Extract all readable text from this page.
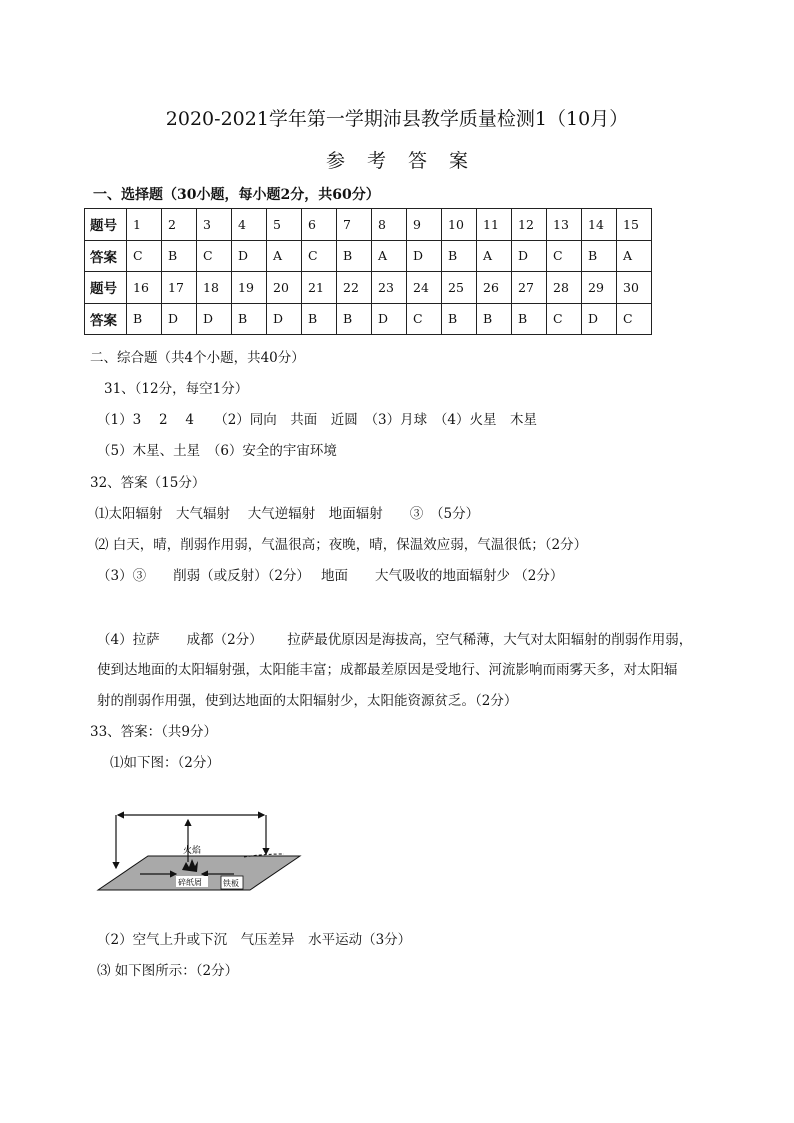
2020-2021学年第一学期沛县教学质量检测1（10月）
参考答案
一、选择题（30小题，每小题2分，共60分）
题号	1	2	3	4	5	6	7	8	9	10	11	12	13	14	15
答案	C	B	C	D	A	C	B	A	D	B	A	D	C	B	A
题号	16	17	18	19	20	21	22	23	24	25	26	27	28	29	30
答案	B	D	D	B	D	B	B	D	C	B	B	B	C	D	C
二、综合题（共4个小题，共40分）
31、（12分，每空1分）
（1）3　 2　 4　　（2）同向　共面　近圆　（3）月球　（4）火星　木星
（5）木星、土星　（6）安全的宇宙环境
32、答案（15分）
⑴太阳辐射　大气辐射　 大气逆辐射　地面辐射　　③　（5分）
⑵ 白天，晴，削弱作用弱，气温很高；夜晚，晴，保温效应弱，气温很低；（2分）
（3）③　　削弱（或反射）（2分）　 地面　　大气吸收的地面辐射少 （2分）
（4）拉萨　　成都（2分）　　 拉萨最优原因是海拔高，空气稀薄，大气对太阳辐射的削弱作用弱，
使到达地面的太阳辐射强，太阳能丰富；成都最差原因是受地行、河流影响而雨雾天多，对太阳辐
射的削弱作用强，使到达地面的太阳辐射少，太阳能资源贫乏。（2分）
33、答案：（共9分）
⑴如下图：（2分）
火焰
碎纸屑	铁板
（2）空气上升或下沉　气压差异　水平运动（3分）
⑶ 如下图所示：（2分）
